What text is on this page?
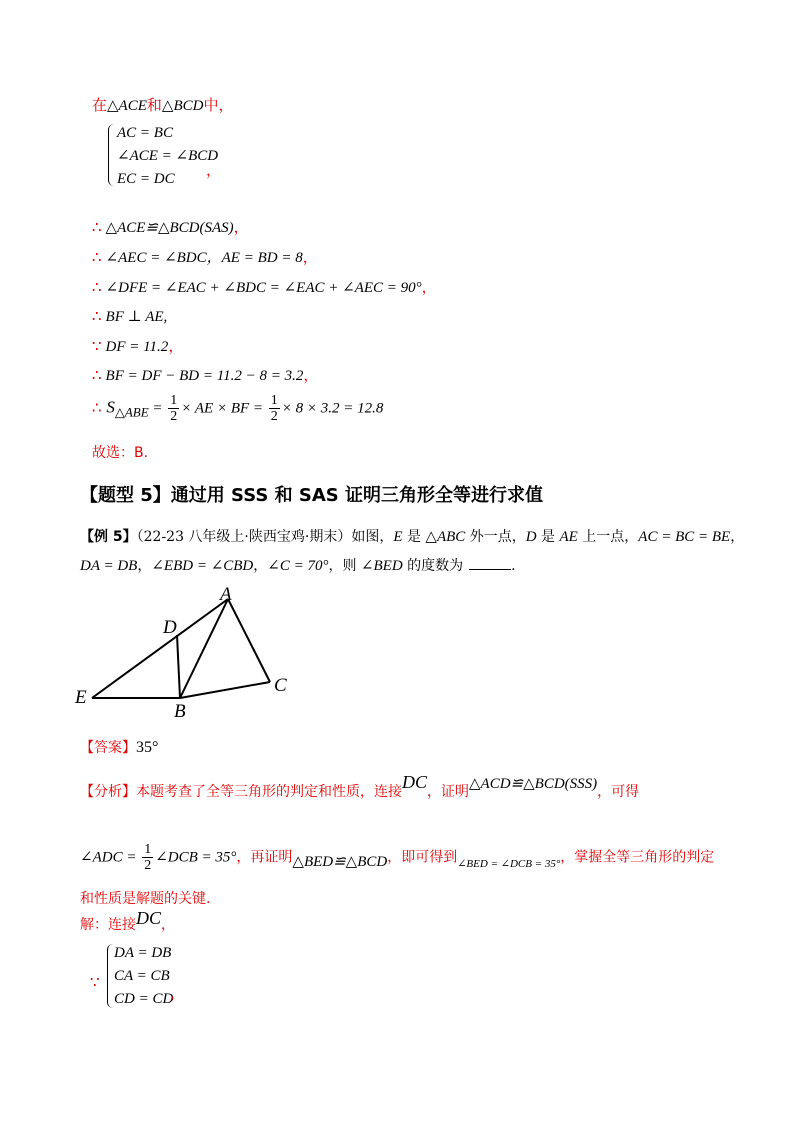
在△ACE和△BCD中，
AC = BC
∠ACE = ∠BCD
EC = DC ，
∴ △ACE≌△BCD(SAS)，
∴ ∠AEC = ∠BDC，AE = BD = 8，
∴ ∠DFE = ∠EAC + ∠BDC = ∠EAC + ∠AEC = 90°，
∴ BF ⊥ AE,
∵ DF = 11.2，
∴ BF = DF − BD = 11.2 − 8 = 3.2，
∴ $S_{\triangle ABE} = \frac{1}{2}$ × AE × BF = $\frac{1}{2} \times 8 \times 3.2 = 12.8$
故选：B.
【题型 5】通过用 SSS 和 SAS 证明三角形全等进行求值
【例 5】（22-23 八年级上·陕西宝鸡·期末）如图，E 是 △ABC 外一点，D 是 AE 上一点，AC = BC = BE，
DA = DB，∠EBD = ∠CBD，∠C = 70°，则 ∠BED 的度数为	.
A
B
C
D
E
【答案】35°
【分析】本题考查了全等三角形的判定和性质，连接DC，证明△ACD≌△BCD(SSS)，可得
∠ADC = $\frac{1}{2}$ ∠DCB = 35°，再证明△BED≌△BCD，即可得到$_{\angle BED = \angle DCB = 35^\circ}$，掌握全等三角形的判定
和性质是解题的关键.
解：连接DC，
∵
DA = DB
CA = CB
CD = CD
，
